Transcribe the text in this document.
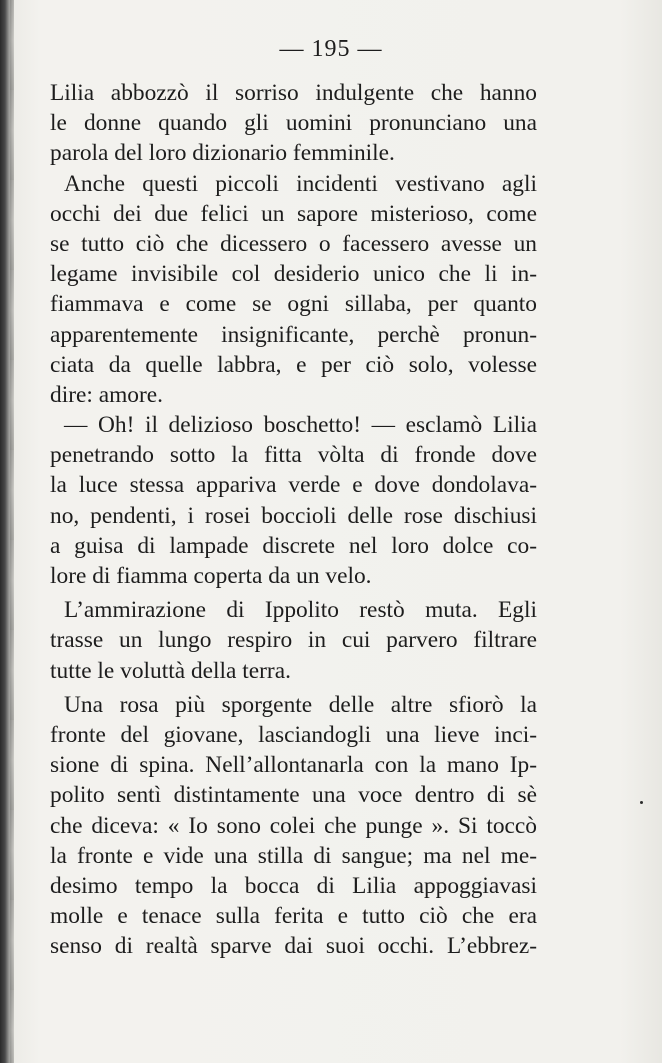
— 195 —
Lilia abbozzò il sorriso indulgente che hanno
le donne quando gli uomini pronunciano una
parola del loro dizionario femminile.
Anche questi piccoli incidenti vestivano agli
occhi dei due felici un sapore misterioso, come
se tutto ciò che dicessero o facessero avesse un
legame invisibile col desiderio unico che li in-
fiammava e come se ogni sillaba, per quanto
apparentemente insignificante, perchè pronun-
ciata da quelle labbra, e per ciò solo, volesse
dire: amore.
— Oh! il delizioso boschetto! — esclamò Lilia
penetrando sotto la fitta vòlta di fronde dove
la luce stessa appariva verde e dove dondolava-
no, pendenti, i rosei boccioli delle rose dischiusi
a guisa di lampade discrete nel loro dolce co-
lore di fiamma coperta da un velo.
L’ammirazione di Ippolito restò muta. Egli
trasse un lungo respiro in cui parvero filtrare
tutte le voluttà della terra.
Una rosa più sporgente delle altre sfiorò la
fronte del giovane, lasciandogli una lieve inci-
sione di spina. Nell’allontanarla con la mano Ip-
polito sentì distintamente una voce dentro di sè
che diceva: « Io sono colei che punge ». Si toccò
la fronte e vide una stilla di sangue; ma nel me-
desimo tempo la bocca di Lilia appoggiavasi
molle e tenace sulla ferita e tutto ciò che era
senso di realtà sparve dai suoi occhi. L’ebbrez-
